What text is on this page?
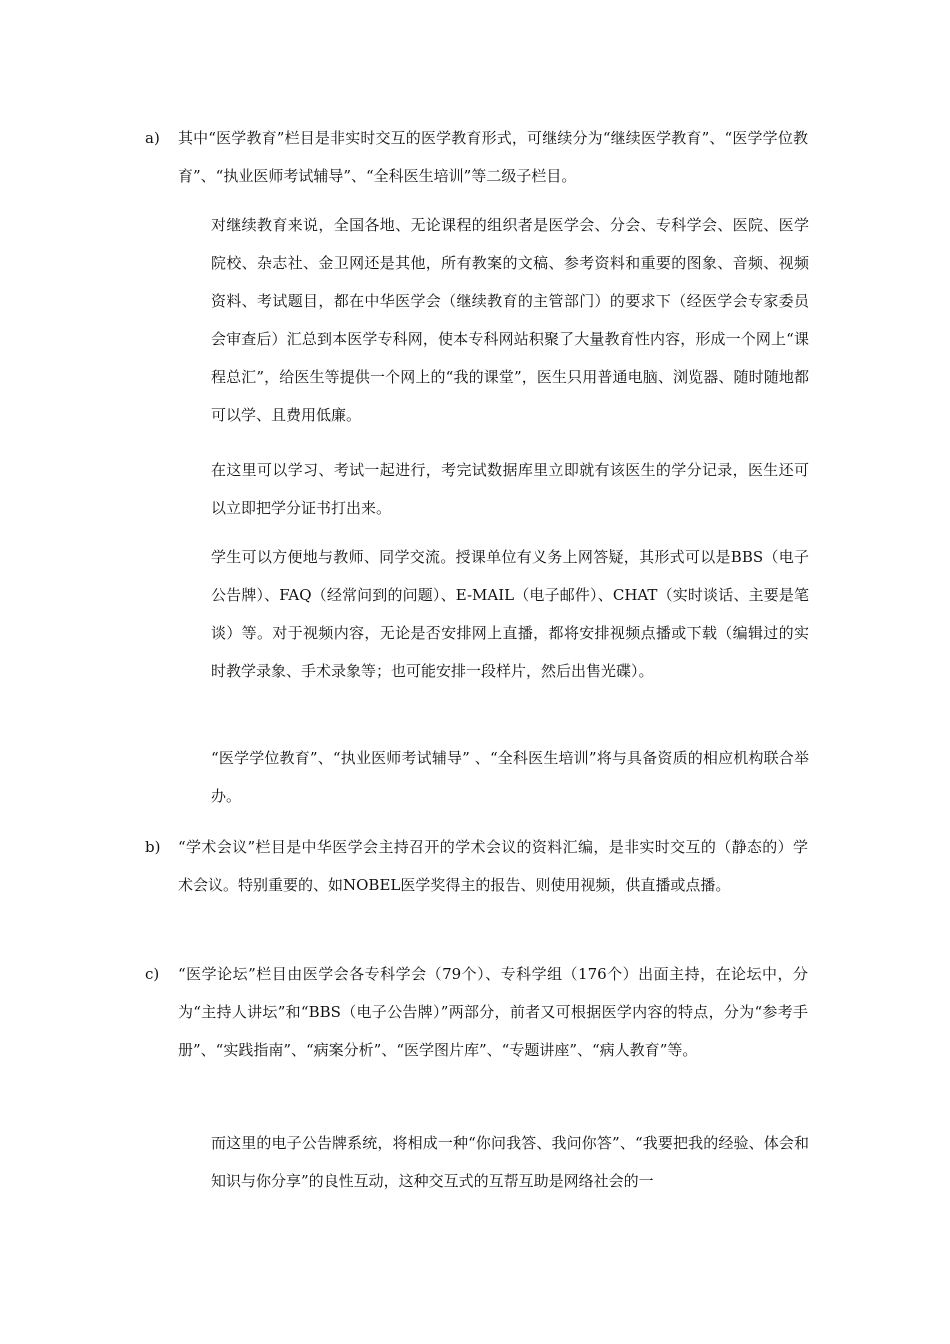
a) 其中“医学教育”栏目是非实时交互的医学教育形式，可继续分为“继续医学教育”、“医学学位教育”、“执业医师考试辅导”、“全科医生培训”等二级子栏目。
对继续教育来说，全国各地、无论课程的组织者是医学会、分会、专科学会、医院、医学院校、杂志社、金卫网还是其他，所有教案的文稿、参考资料和重要的图象、音频、视频资料、考试题目，都在中华医学会（继续教育的主管部门）的要求下（经医学会专家委员会审查后）汇总到本医学专科网，使本专科网站积聚了大量教育性内容，形成一个网上“课程总汇”，给医生等提供一个网上的“我的课堂”，医生只用普通电脑、浏览器、随时随地都可以学、且费用低廉。
在这里可以学习、考试一起进行，考完试数据库里立即就有该医生的学分记录，医生还可以立即把学分证书打出来。
学生可以方便地与教师、同学交流。授课单位有义务上网答疑，其形式可以是BBS（电子公告牌）、FAQ（经常问到的问题）、E-MAIL（电子邮件）、CHAT（实时谈话、主要是笔谈）等。对于视频内容，无论是否安排网上直播，都将安排视频点播或下载（编辑过的实时教学录象、手术录象等；也可能安排一段样片，然后出售光碟）。
“医学学位教育”、“执业医师考试辅导” 、“全科医生培训”将与具备资质的相应机构联合举办。
b) “学术会议”栏目是中华医学会主持召开的学术会议的资料汇编，是非实时交互的（静态的）学术会议。特别重要的、如NOBEL医学奖得主的报告、则使用视频，供直播或点播。
c) “医学论坛”栏目由医学会各专科学会（79个）、专科学组（176个）出面主持，在论坛中，分为“主持人讲坛”和“BBS（电子公告牌）”两部分，前者又可根据医学内容的特点，分为“参考手册”、“实践指南”、“病案分析”、“医学图片库”、“专题讲座”、“病人教育”等。
而这里的电子公告牌系统，将相成一种“你问我答、我问你答”、“我要把我的经验、体会和知识与你分享”的良性互动，这种交互式的互帮互助是网络社会的一
